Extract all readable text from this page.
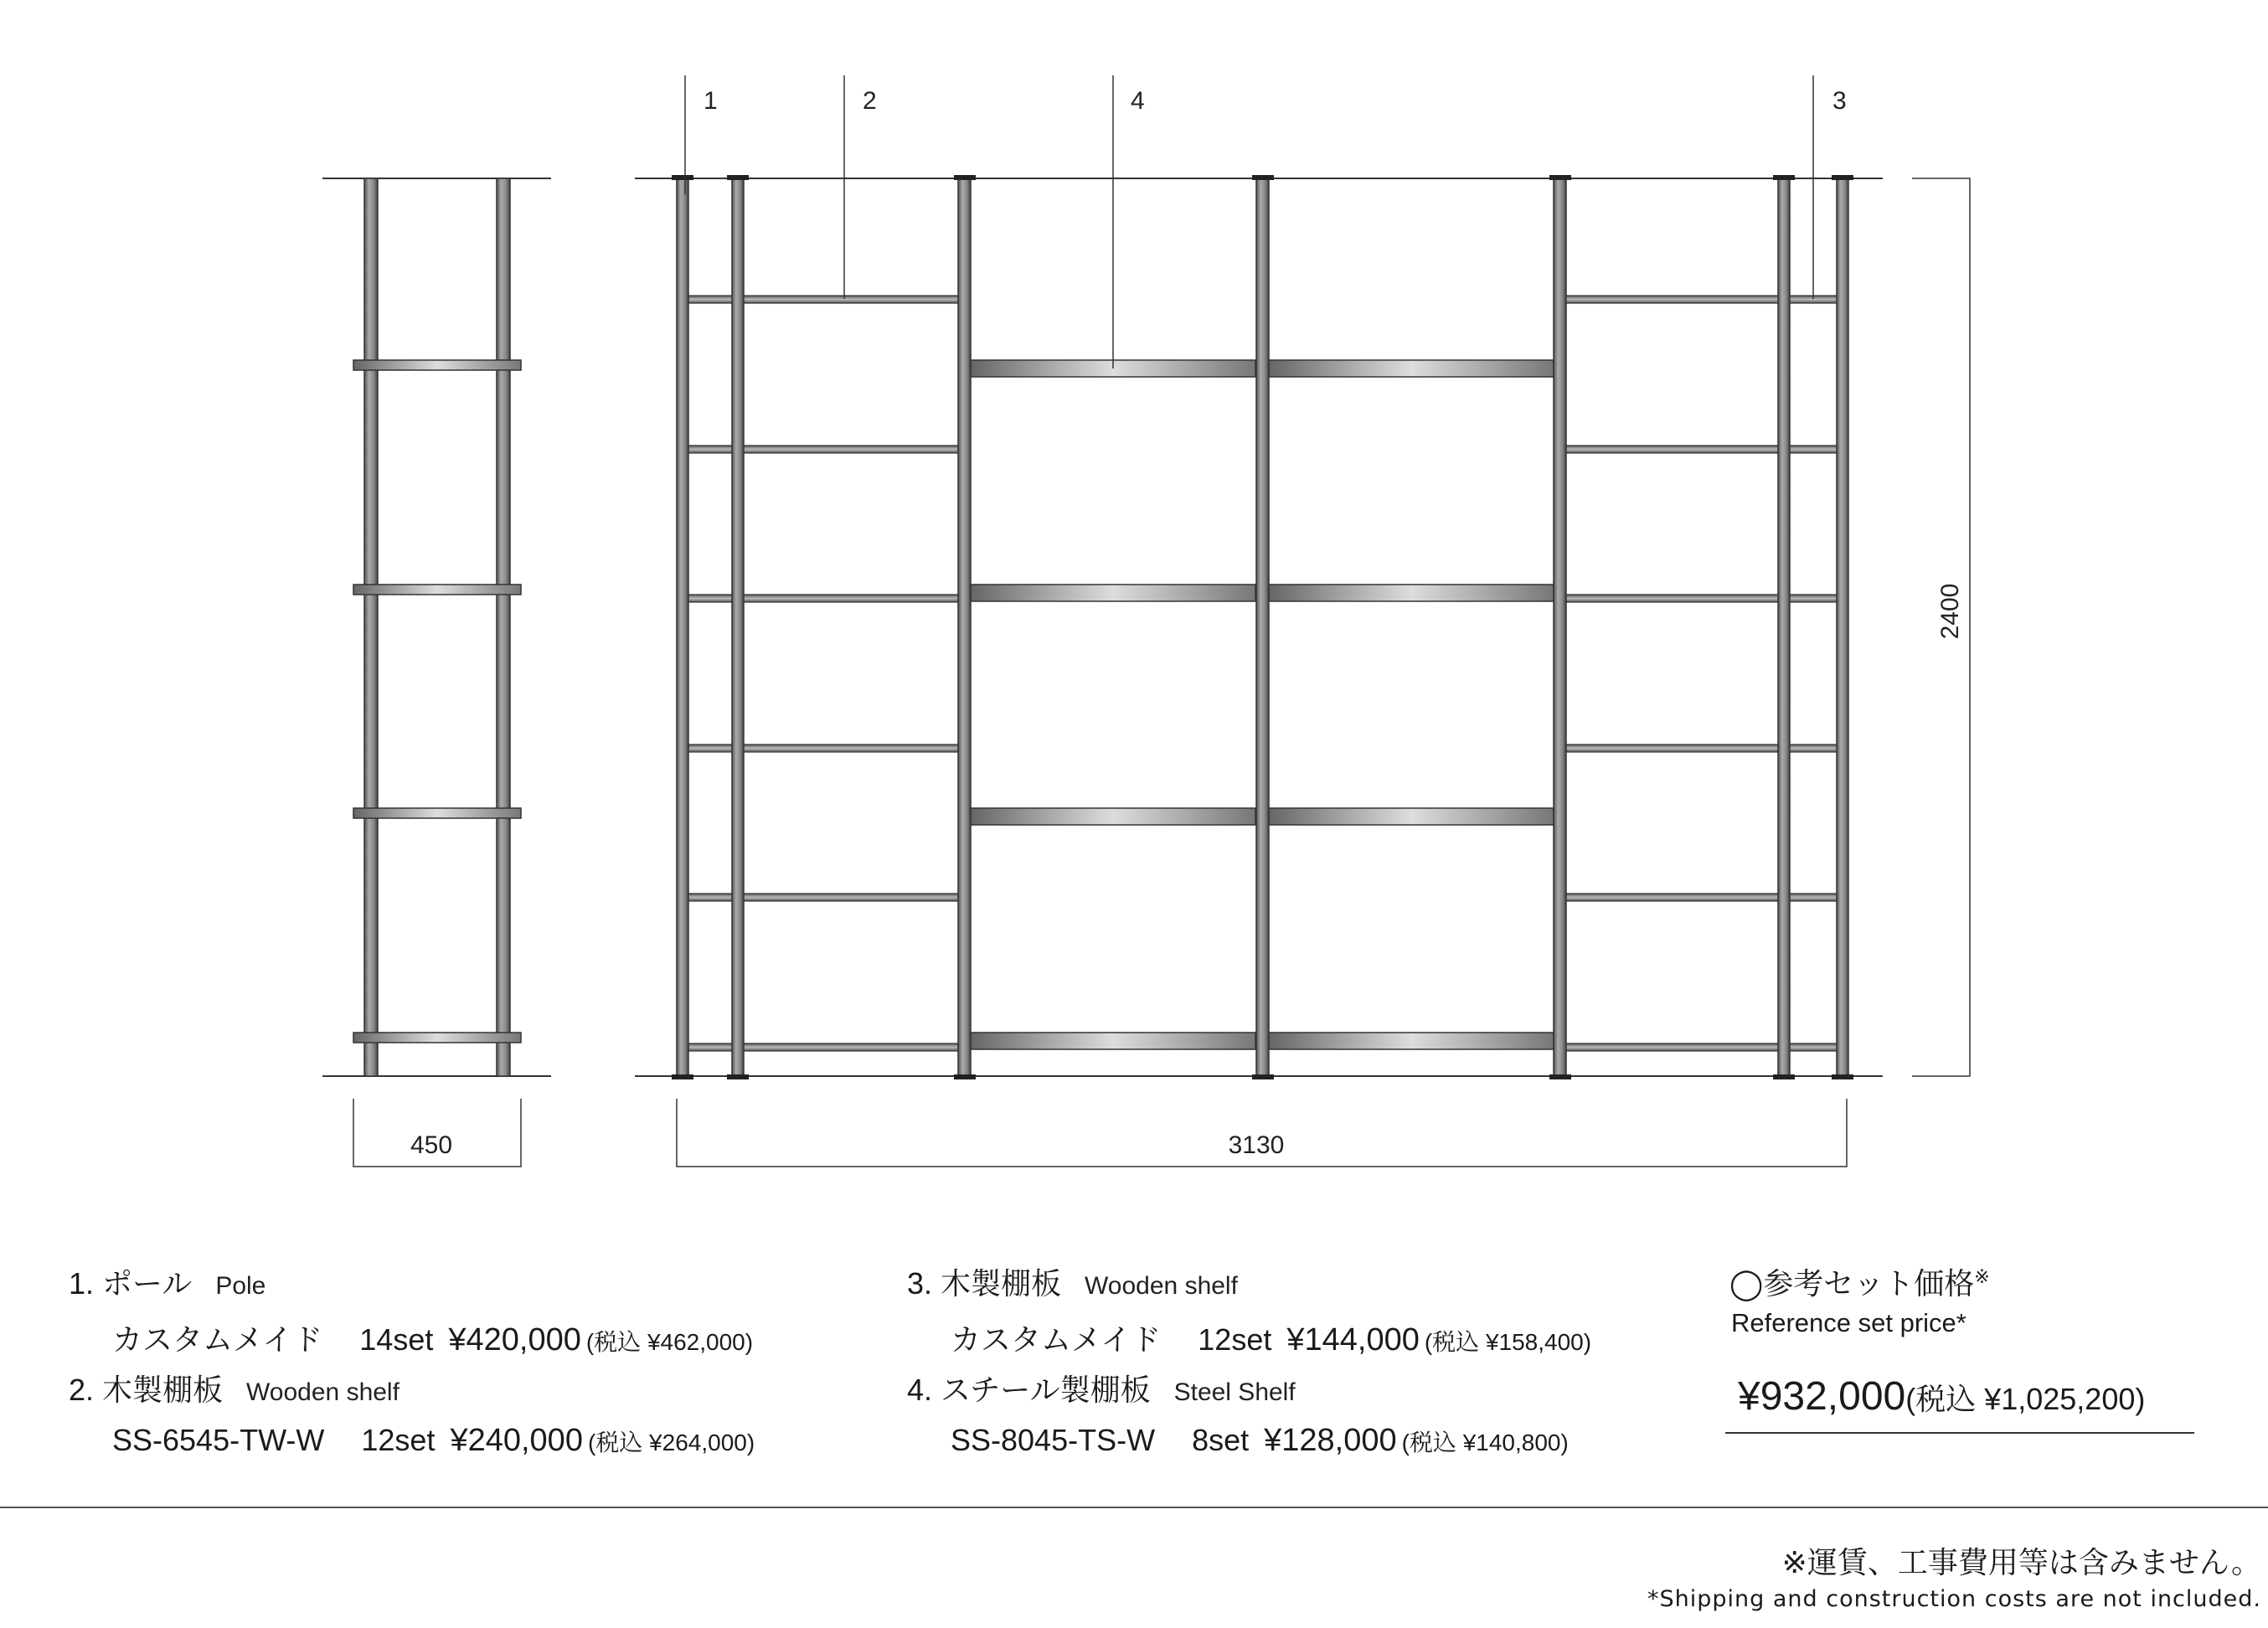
450
1	2	4	3
3130
2400
1. ポール Pole
カスタムメイド 14set ¥420,000 (税込 ¥462,000)
2. 木製棚板 Wooden shelf
SS-6545-TW-W 12set ¥240,000 (税込 ¥264,000)
3. 木製棚板 Wooden shelf
カスタムメイド 12set ¥144,000 (税込 ¥158,400)
4. スチール製棚板 Steel Shelf
SS-8045-TS-W 8set ¥128,000 (税込 ¥140,800)
◯参考セット価格※
Reference set price*
¥932,000(税込 ¥1,025,200)
※運賃、工事費用等は含みません。
*Shipping and construction costs are not included.
